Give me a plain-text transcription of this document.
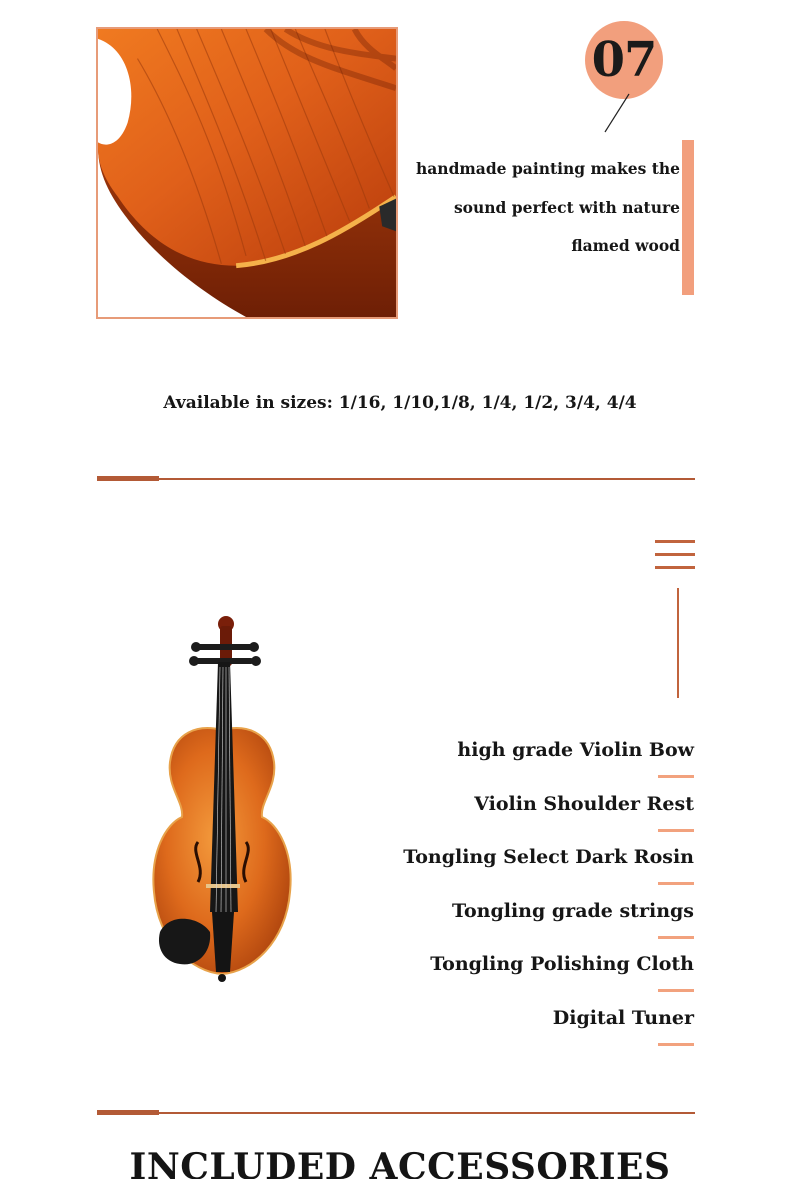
07
handmade painting makes the
sound perfect with nature
flamed wood
Available in sizes: 1/16, 1/10,1/8, 1/4, 1/2, 3/4, 4/4
high grade Violin Bow
Violin Shoulder Rest
Tongling Select Dark Rosin
Tongling grade strings
Tongling Polishing Cloth
Digital Tuner
INCLUDED ACCESSORIES
